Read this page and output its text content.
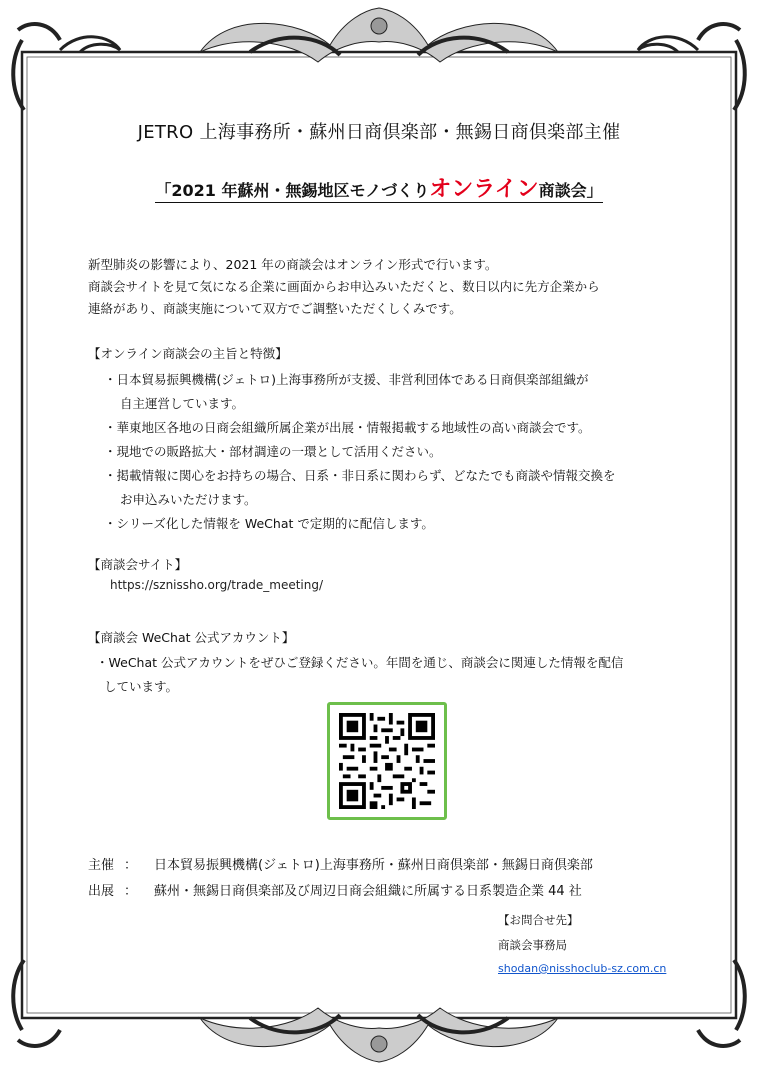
JETRO 上海事務所・蘇州日商倶楽部・無錫日商倶楽部主催
「2021 年蘇州・無錫地区モノづくりオンライン商談会」
新型肺炎の影響により、2021 年の商談会はオンライン形式で行います。
商談会サイトを見て気になる企業に画面からお申込みいただくと、数日以内に先方企業から
連絡があり、商談実施について双方でご調整いただくしくみです。
【オンライン商談会の主旨と特徴】
・日本貿易振興機構(ジェトロ)上海事務所が支援、非営利団体である日商倶楽部組織が
自主運営しています。
・華東地区各地の日商会組織所属企業が出展・情報掲載する地域性の高い商談会です。
・現地での販路拡大・部材調達の一環として活用ください。
・掲載情報に関心をお持ちの場合、日系・非日系に関わらず、どなたでも商談や情報交換を
お申込みいただけます。
・シリーズ化した情報を WeChat で定期的に配信します。
【商談会サイト】
https://sznissho.org/trade_meeting/
【商談会 WeChat 公式アカウント】
・WeChat 公式アカウントをぜひご登録ください。年間を通じ、商談会に関連した情報を配信
しています。
主催 ： 日本貿易振興機構(ジェトロ)上海事務所・蘇州日商倶楽部・無錫日商倶楽部
出展 ： 蘇州・無錫日商倶楽部及び周辺日商会組織に所属する日系製造企業 44 社
【お問合せ先】
商談会事務局
shodan@nisshoclub-sz.com.cn
